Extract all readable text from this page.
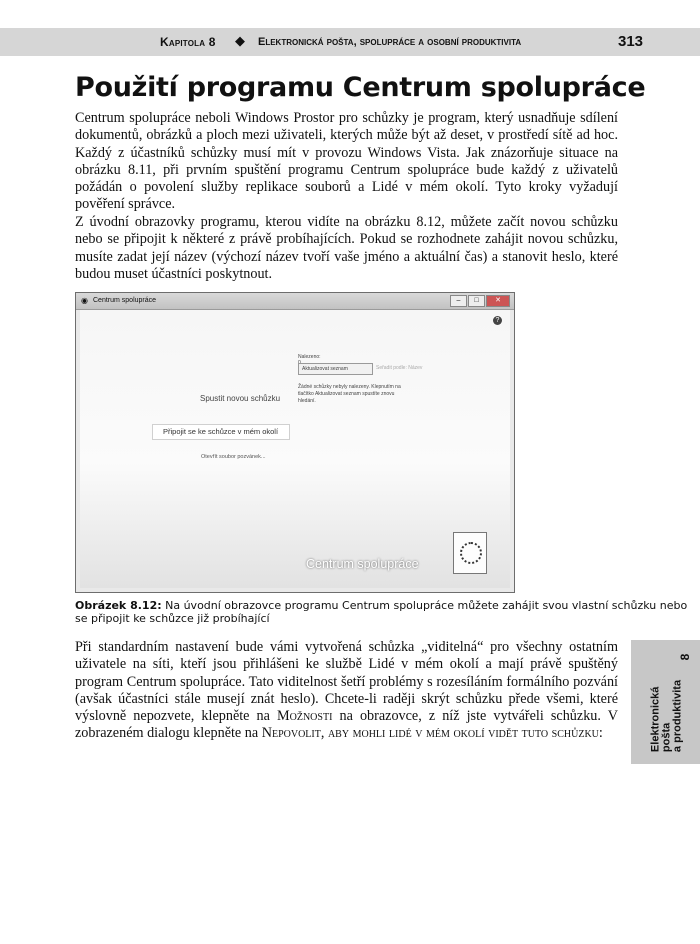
Kapitola 8 ◆ Elektronická pošta, spolupráce a osobní produktivita	313
Použití programu Centrum spolupráce

Centrum spolupráce neboli Windows Prostor pro schůzky je program, který usnadňuje sdílení dokumentů, obrázků a ploch mezi uživateli, kterých může být až deset, v prostředí sítě ad hoc. Každý z účastníků schůzky musí mít v provozu Windows Vista. Jak znázorňuje situace na obrázku 8.11, při prvním spuštění programu Centrum spolupráce bude každý z uživatelů požádán o povolení služby replikace souborů a Lidé v mém okolí. Tyto kroky vyžadují pověření správce.

Z úvodní obrazovky programu, kterou vidíte na obrázku 8.12, můžete začít novou schůzku nebo se připojit k některé z právě probíhajících. Pokud se rozhodnete zahájit novou schůzku, musíte zadat její název (výchozí název tvoří vaše jméno a aktuální čas) a stanovit heslo, které budou muset účastníci poskytnout.

◉ Centrum spolupráce	–	□	✕
?
Spustit novou schůzku
Připojit se ke schůzce v mém okolí
Otevřít soubor pozvánek...
Nalezeno:
Aktualizovat seznam	Seřadit podle: Název
Žádné schůzky nebyly nalezeny. Klepnutím na tlačítko Aktualizovat seznam spustíte znovu hledání.
Centrum spolupráce
Obrázek 8.12: Na úvodní obrazovce programu Centrum spolupráce můžete zahájit svou vlastní schůzku nebo se připojit ke schůzce již probíhající

Při standardním nastavení bude vámi vytvořená schůzka „viditelná“ pro všechny ostatním uživatele na síti, kteří jsou přihlášeni ke službě Lidé v mém okolí a mají právě spuštěný program Centrum spolupráce. Tato viditelnost šetří problémy s rozesíláním formálního pozvání (avšak účastníci stále musejí znát heslo). Chcete-li raději skrýt schůzku přede všemi, které výslovně nepozvete, klepněte na Možnosti na obrazovce, z níž jste vytvářeli schůzku. V zobrazeném dialogu klepněte na Nepovolit, aby mohli lidé v mém okolí vidět tuto schůzku:

8
Elektronická
pošta
a produktivita
